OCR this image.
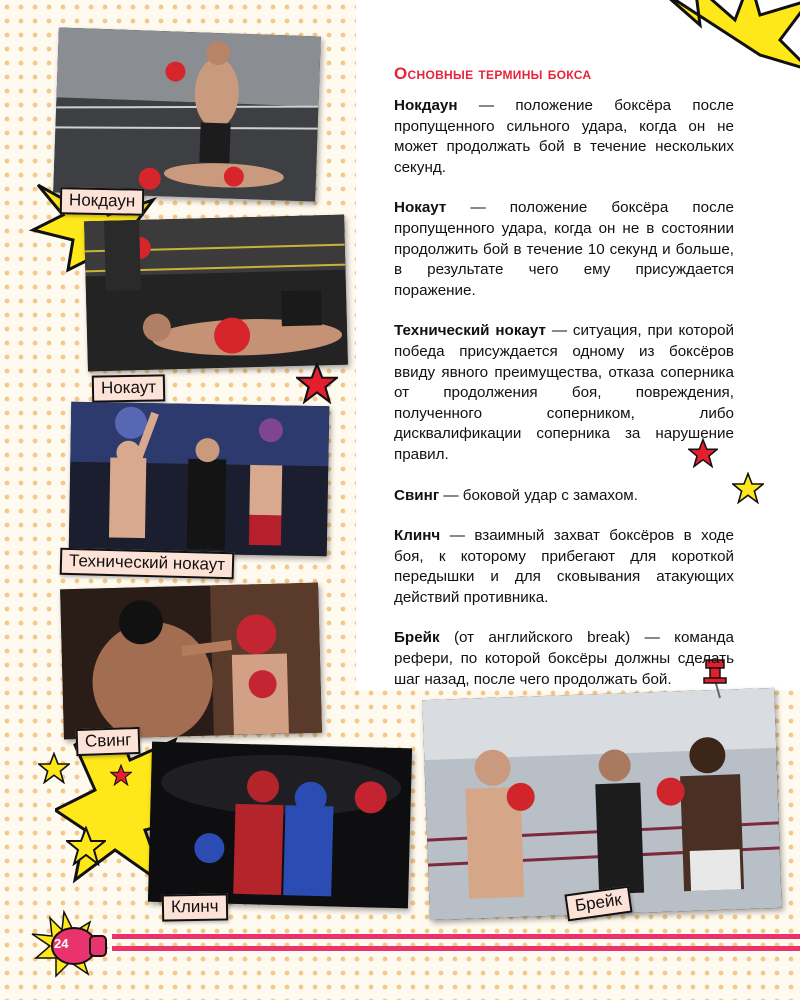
Нокдаун
Нокаут
Технический нокаут
Свинг
Клинч	Брейк
Основные термины бокса

Нокдаун — положение боксёра после пропущенного сильного удара, когда он не может продолжать бой в течение нескольких секунд.

Нокаут — положение боксёра после пропущенного удара, когда он не в состоянии продолжить бой в течение 10 секунд и больше, в результате чего ему присуждается поражение.

Технический нокаут — ситуация, при которой победа присуждается одному из боксёров ввиду явного преимущества, отказа соперника от продолжения боя, повреждения, полученного соперником, либо дисквалификации соперника за нарушение правил.

Свинг — боковой удар с замахом.

Клинч — взаимный захват боксёров в ходе боя, к которому прибегают для короткой передышки и для сковывания атакующих действий противника.

Брейк (от английского break) — команда рефери, по которой боксёры должны сделать шаг назад, после чего продолжать бой.

24
